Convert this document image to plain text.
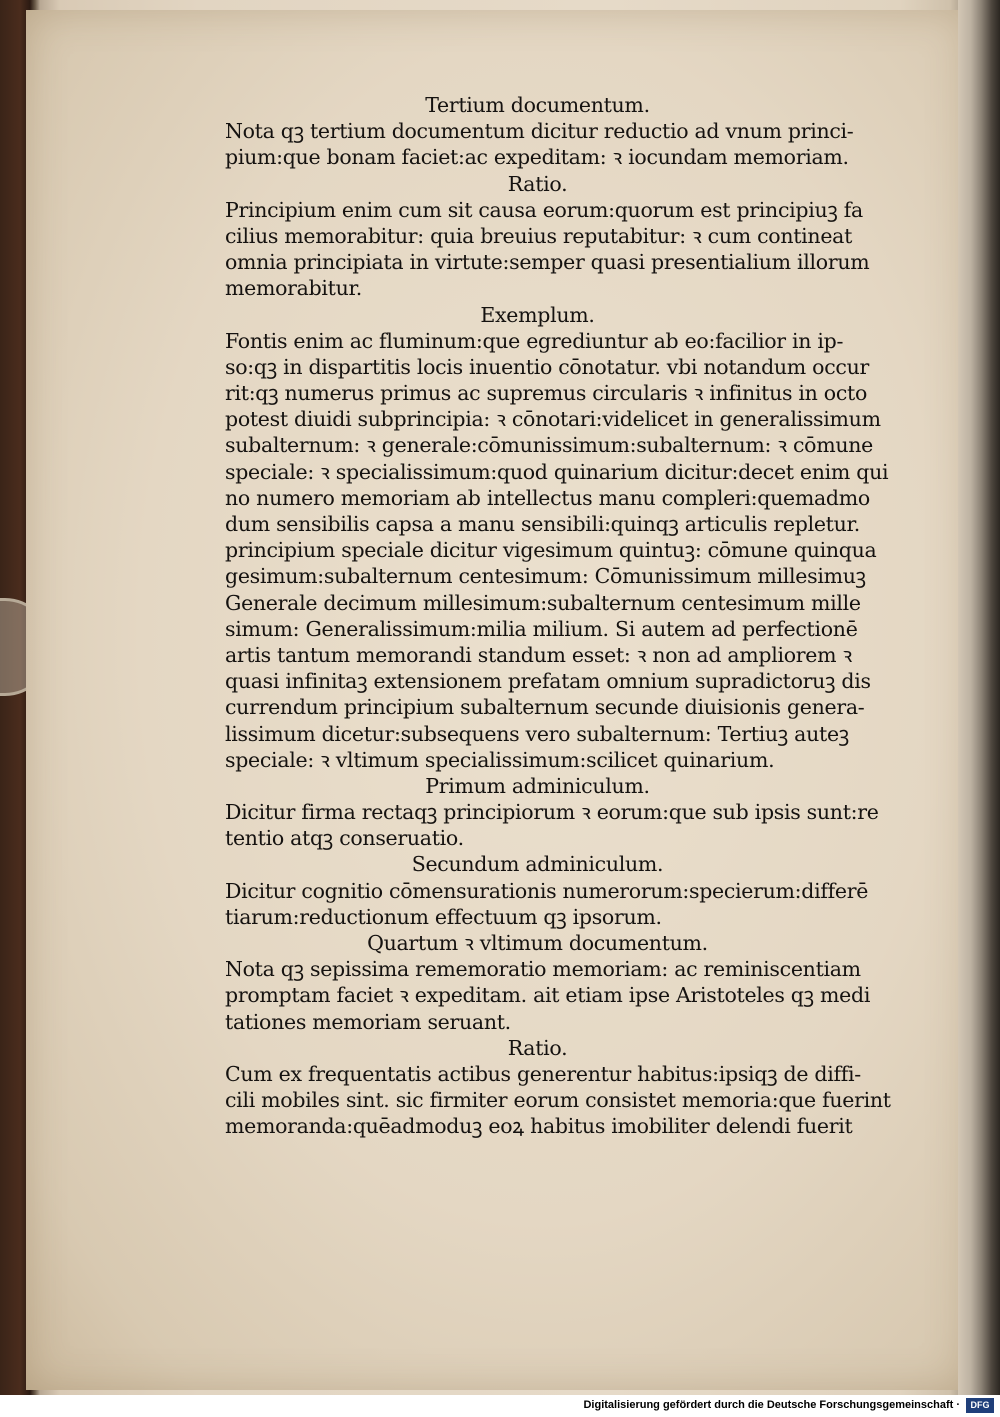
Tertium documentum.
Nota qꝫ tertium documentum dicitur reductio ad vnum princi-
pium:que bonam faciet:ac expeditam: ꝛ iocundam memoriam.
Ratio.
Principium enim cum sit causa eorum:quorum est principiuꝫ fa
cilius memorabitur: quia breuius reputabitur: ꝛ cum contineat
omnia principiata in virtute:semper quasi presentialium illorum
memorabitur.
Exemplum.
Fontis enim ac fluminum:que egrediuntur ab eo:facilior in ip-
so:qꝫ in dispartitis locis inuentio cōnotatur. vbi notandum occur
rit:qꝫ numerus primus ac supremus circularis ꝛ infinitus in octo
potest diuidi subprincipia: ꝛ cōnotari:videlicet in generalissimum
subalternum: ꝛ generale:cōmunissimum:subalternum: ꝛ cōmune
speciale: ꝛ specialissimum:quod quinarium dicitur:decet enim qui
no numero memoriam ab intellectus manu compleri:quemadmo
dum sensibilis capsa a manu sensibili:quinqꝫ articulis repletur.
principium speciale dicitur vigesimum quintuꝫ: cōmune quinqua
gesimum:subalternum centesimum: Cōmunissimum millesimuꝫ
Generale decimum millesimum:subalternum centesimum mille
simum: Generalissimum:milia milium. Si autem ad perfectionē
artis tantum memorandi standum esset: ꝛ non ad ampliorem ꝛ
quasi infinitaꝫ extensionem prefatam omnium supradictoruꝫ dis
currendum principium subalternum secunde diuisionis genera-
lissimum dicetur:subsequens vero subalternum: Tertiuꝫ auteꝫ
speciale: ꝛ vltimum specialissimum:scilicet quinarium.
Primum adminiculum.
Dicitur firma rectaqꝫ principiorum ꝛ eorum:que sub ipsis sunt:re
tentio atqꝫ conseruatio.
Secundum adminiculum.
Dicitur cognitio cōmensurationis numerorum:specierum:differē
tiarum:reductionum effectuum qꝫ ipsorum.
Quartum ꝛ vltimum documentum.
Nota qꝫ sepissima rememoratio memoriam: ac reminiscentiam
promptam faciet ꝛ expeditam. ait etiam ipse Aristoteles qꝫ medi
tationes memoriam seruant.
Ratio.
Cum ex frequentatis actibus generentur habitus:ipsiqꝫ de diffi-
cili mobiles sint. sic firmiter eorum consistet memoria:que fuerint
memoranda:quēadmoduꝫ eoꝝ habitus imobiliter delendi fuerit
Digitalisierung gefördert durch die Deutsche Forschungsgemeinschaft ·	DFG
